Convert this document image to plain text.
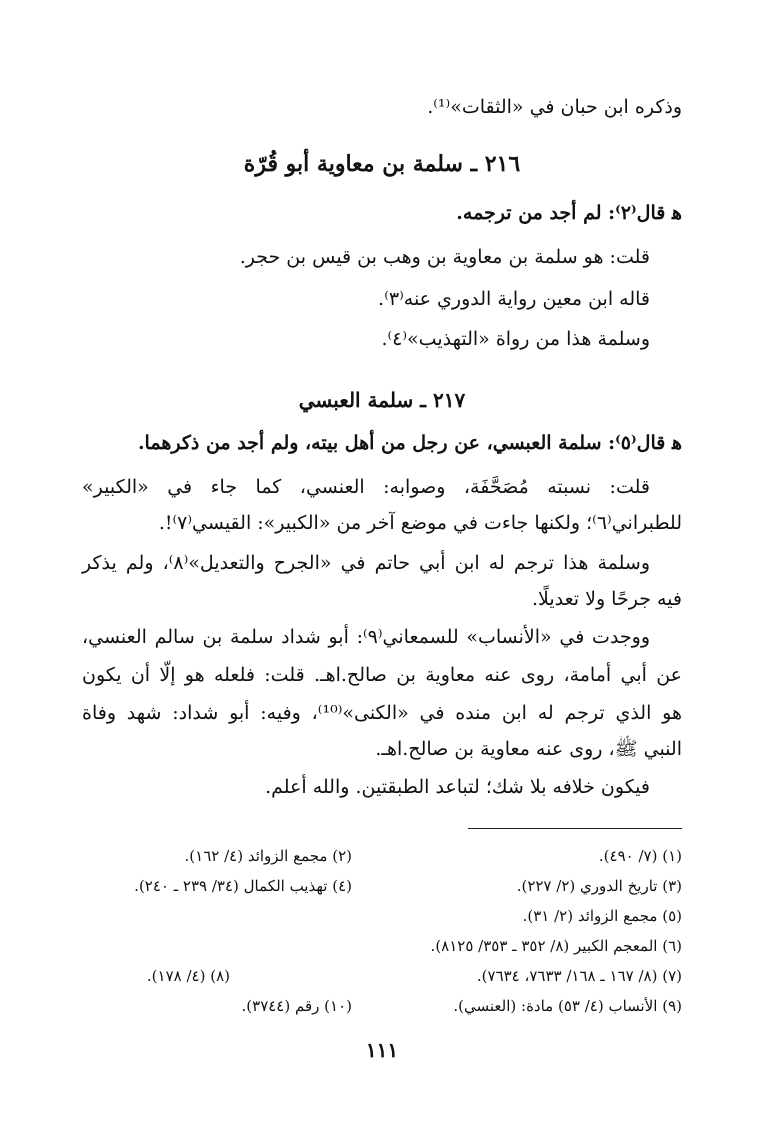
وذكره ابن حبان في «الثقات»⁽¹⁾.
٢١٦ ـ سلمة بن معاوية أبو قُرّة
ﻫ قال⁽٢⁾: لم أجد من ترجمه.
قلت: هو سلمة بن معاوية بن وهب بن قيس بن حجر.
قاله ابن معين رواية الدوري عنه⁽٣⁾.
وسلمة هذا من رواة «التهذيب»⁽٤⁾.
٢١٧ ـ سلمة العبسي
ﻫ قال⁽٥⁾: سلمة العبسي، عن رجل من أهل بيته، ولم أجد من ذكرهما.
قلت: نسبته مُصَحَّفَة، وصوابه: العنسي، كما جاء في «الكبير»
للطبراني⁽٦⁾؛ ولكنها جاءت في موضع آخر من «الكبير»: القيسي⁽٧⁾!.
وسلمة هذا ترجم له ابن أبي حاتم في «الجرح والتعديل»⁽٨⁾، ولم يذكر
فيه جرحًا ولا تعديلًا.
ووجدت في «الأنساب» للسمعاني⁽٩⁾: أبو شداد سلمة بن سالم العنسي،
عن أبي أمامة، روى عنه معاوية بن صالح.اهـ. قلت: فلعله هو إلّا أن يكون
هو الذي ترجم له ابن منده في «الكنى»⁽¹⁰⁾، وفيه: أبو شداد: شهد وفاة
النبي ﷺ، روى عنه معاوية بن صالح.اهـ.
فيكون خلافه بلا شك؛ لتباعد الطبقتين. والله أعلم.
(١) (٧/ ٤٩٠).
(٢) مجمع الزوائد (٤/ ١٦٢).
(٣) تاريخ الدوري (٢/ ٢٢٧).
(٤) تهذيب الكمال (٣٤/ ٢٣٩ ـ ٢٤٠).
(٥) مجمع الزوائد (٢/ ٣١).
(٦) المعجم الكبير (٨/ ٣٥٢ ـ ٣٥٣/ ٨١٢٥).
(٧) (٨/ ١٦٧ ـ ١٦٨/ ٧٦٣٣، ٧٦٣٤).
(٨) (٤/ ١٧٨).
(٩) الأنساب (٤/ ٥٣) مادة: (العنسي).
(١٠) رقم (٣٧٤٤).
١١١
